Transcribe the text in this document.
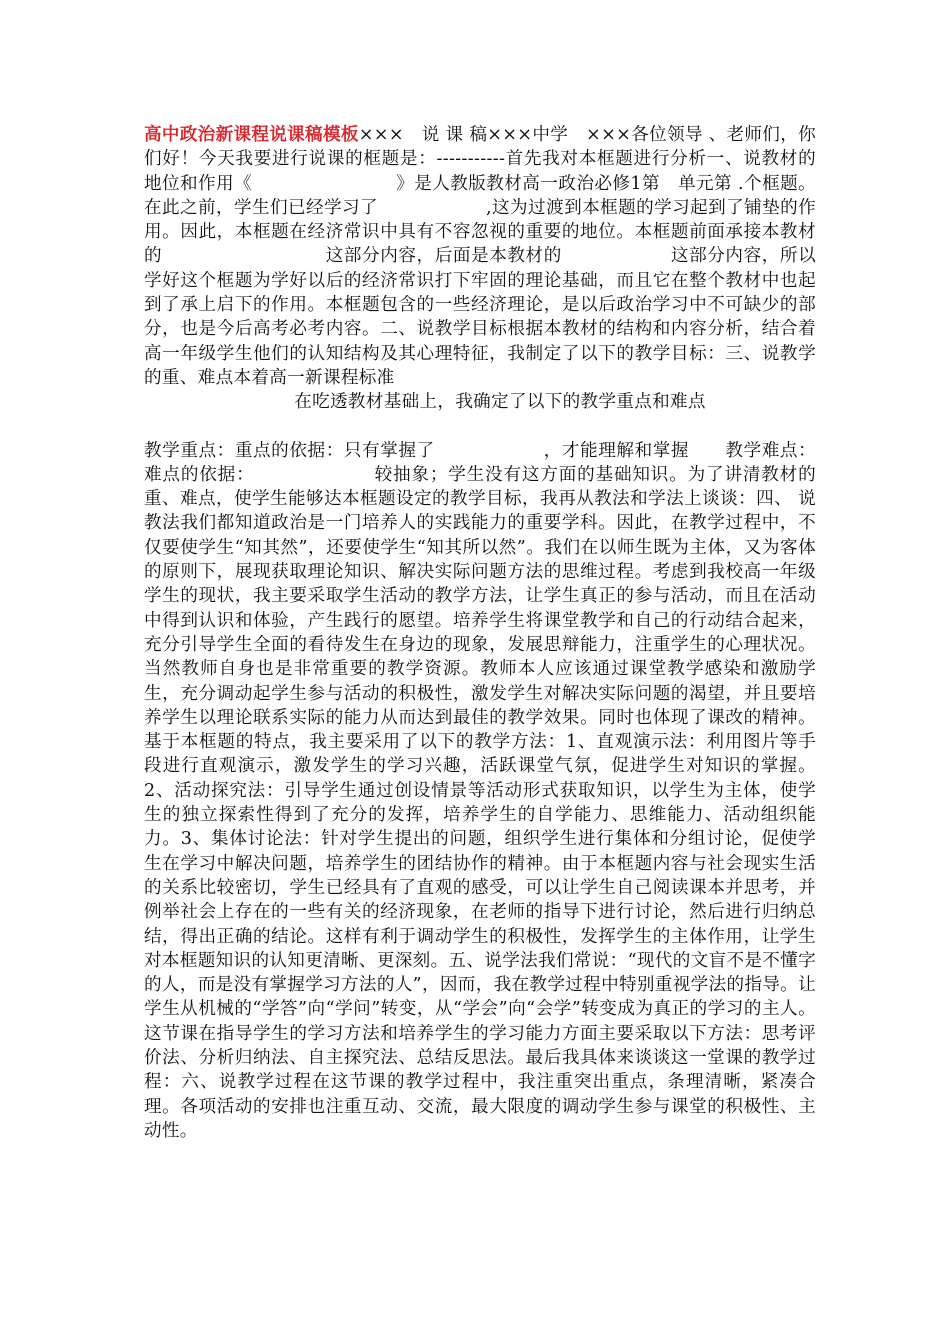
高中政治新课程说课稿模板×××　说 课 稿×××中学　×××各位领导 、老师们，你们好！今天我要进行说课的框题是：-----------首先我对本框题进行分析一、说教材的地位和作用《　　　　　　　　》是人教版教材高一政治必修1第　单元第 .个框题。在此之前，学生们已经学习了　　　　　　,这为过渡到本框题的学习起到了铺垫的作用。因此，本框题在经济常识中具有不容忽视的重要的地位。本框题前面承接本教材的　　　　　　　　　这部分内容，后面是本教材的　　　　　　这部分内容，所以学好这个框题为学好以后的经济常识打下牢固的理论基础，而且它在整个教材中也起到了承上启下的作用。本框题包含的一些经济理论，是以后政治学习中不可缺少的部分，也是今后高考必考内容。二、说教学目标根据本教材的结构和内容分析，结合着高一年级学生他们的认知结构及其心理特征，我制定了以下的教学目标：三、说教学的重、难点本着高一新课程标准

在吃透教材基础上，我确定了以下的教学重点和难点

教学重点：重点的依据：只有掌握了　　　　　　，才能理解和掌握　　教学难点：难点的依据：　　　　　　　较抽象；学生没有这方面的基础知识。为了讲清教材的重、难点，使学生能够达本框题设定的教学目标，我再从教法和学法上谈谈：四、 说教法我们都知道政治是一门培养人的实践能力的重要学科。因此，在教学过程中，不仅要使学生“知其然”，还要使学生“知其所以然”。我们在以师生既为主体，又为客体的原则下，展现获取理论知识、解决实际问题方法的思维过程。考虑到我校高一年级学生的现状，我主要采取学生活动的教学方法，让学生真正的参与活动，而且在活动中得到认识和体验，产生践行的愿望。培养学生将课堂教学和自己的行动结合起来，充分引导学生全面的看待发生在身边的现象，发展思辩能力，注重学生的心理状况。当然教师自身也是非常重要的教学资源。教师本人应该通过课堂教学感染和激励学生，充分调动起学生参与活动的积极性，激发学生对解决实际问题的渴望，并且要培养学生以理论联系实际的能力从而达到最佳的教学效果。同时也体现了课改的精神。基于本框题的特点，我主要采用了以下的教学方法：1、直观演示法：利用图片等手段进行直观演示，激发学生的学习兴趣，活跃课堂气氛，促进学生对知识的掌握。 2、活动探究法：引导学生通过创设情景等活动形式获取知识，以学生为主体，使学生的独立探索性得到了充分的发挥，培养学生的自学能力、思维能力、活动组织能力。3、集体讨论法：针对学生提出的问题，组织学生进行集体和分组讨论，促使学生在学习中解决问题，培养学生的团结协作的精神。由于本框题内容与社会现实生活的关系比较密切，学生已经具有了直观的感受，可以让学生自己阅读课本并思考，并例举社会上存在的一些有关的经济现象，在老师的指导下进行讨论，然后进行归纳总结，得出正确的结论。这样有利于调动学生的积极性，发挥学生的主体作用，让学生对本框题知识的认知更清晰、更深刻。五、说学法我们常说：“现代的文盲不是不懂字的人，而是没有掌握学习方法的人”，因而，我在教学过程中特别重视学法的指导。让学生从机械的“学答”向“学问”转变，从“学会”向“会学”转变成为真正的学习的主人。这节课在指导学生的学习方法和培养学生的学习能力方面主要采取以下方法：思考评价法、分析归纳法、自主探究法、总结反思法。最后我具体来谈谈这一堂课的教学过程：六、说教学过程在这节课的教学过程中，我注重突出重点，条理清晰，紧凑合理。各项活动的安排也注重互动、交流，最大限度的调动学生参与课堂的积极性、主动性。
